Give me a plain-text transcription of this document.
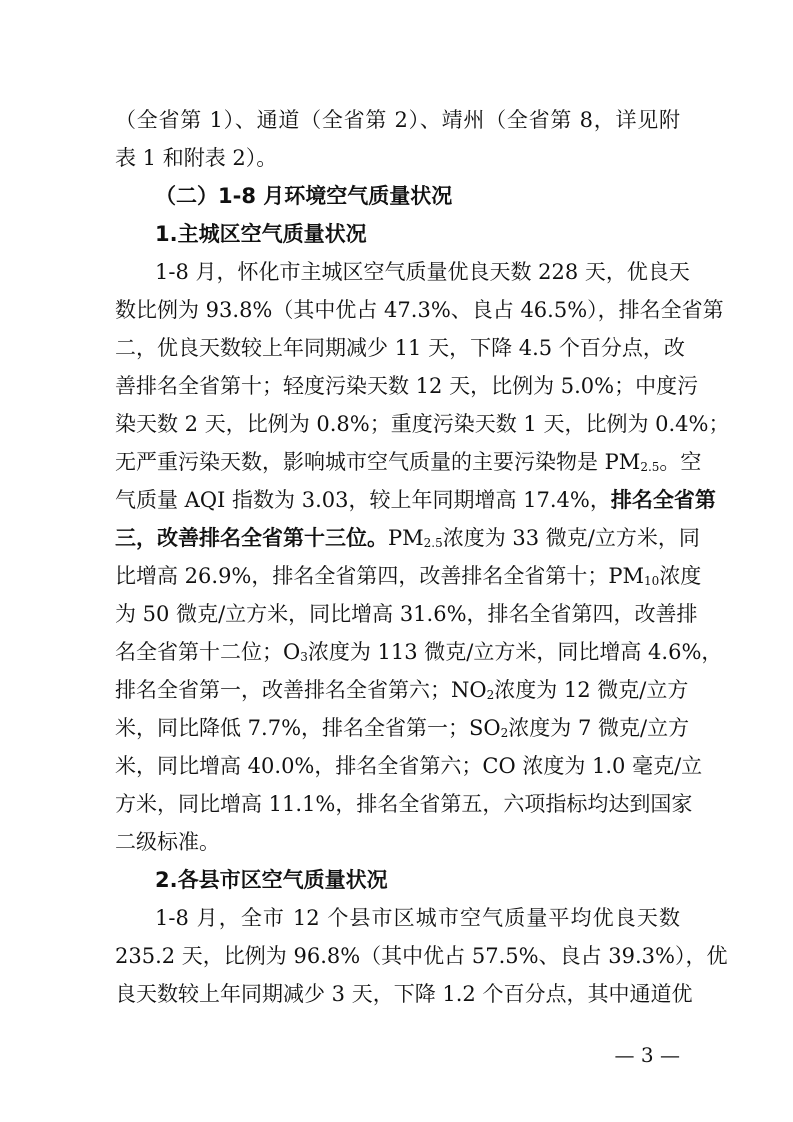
（全省第 1）、通道（全省第 2）、靖州（全省第 8，详见附
表 1 和附表 2）。
（二）1-8 月环境空气质量状况
1.主城区空气质量状况
1-8 月，怀化市主城区空气质量优良天数 228 天，优良天
数比例为 93.8%（其中优占 47.3%、良占 46.5%），排名全省第
二，优良天数较上年同期减少 11 天，下降 4.5 个百分点，改
善排名全省第十；轻度污染天数 12 天，比例为 5.0%；中度污
染天数 2 天，比例为 0.8%；重度污染天数 1 天，比例为 0.4%；
无严重污染天数，影响城市空气质量的主要污染物是 $PM_{2.5}$。空
气质量 AQI 指数为 3.03，较上年同期增高 17.4%，排名全省第
三，改善排名全省第十三位。$PM_{2.5}$浓度为 33 微克/立方米，同
比增高 26.9%，排名全省第四，改善排名全省第十；$PM_{10}$浓度
为 50 微克/立方米，同比增高 31.6%，排名全省第四，改善排
名全省第十二位；$O_3$浓度为 113 微克/立方米，同比增高 4.6%，
排名全省第一，改善排名全省第六；$NO_2$浓度为 12 微克/立方
米，同比降低 7.7%，排名全省第一；$SO_2$浓度为 7 微克/立方
米，同比增高 40.0%，排名全省第六；CO 浓度为 1.0 毫克/立
方米，同比增高 11.1%，排名全省第五，六项指标均达到国家
二级标准。
2.各县市区空气质量状况
1-8 月，全市 12 个县市区城市空气质量平均优良天数
235.2 天，比例为 96.8%（其中优占 57.5%、良占 39.3%），优
良天数较上年同期减少 3 天，下降 1.2 个百分点，其中通道优
— 3 —
